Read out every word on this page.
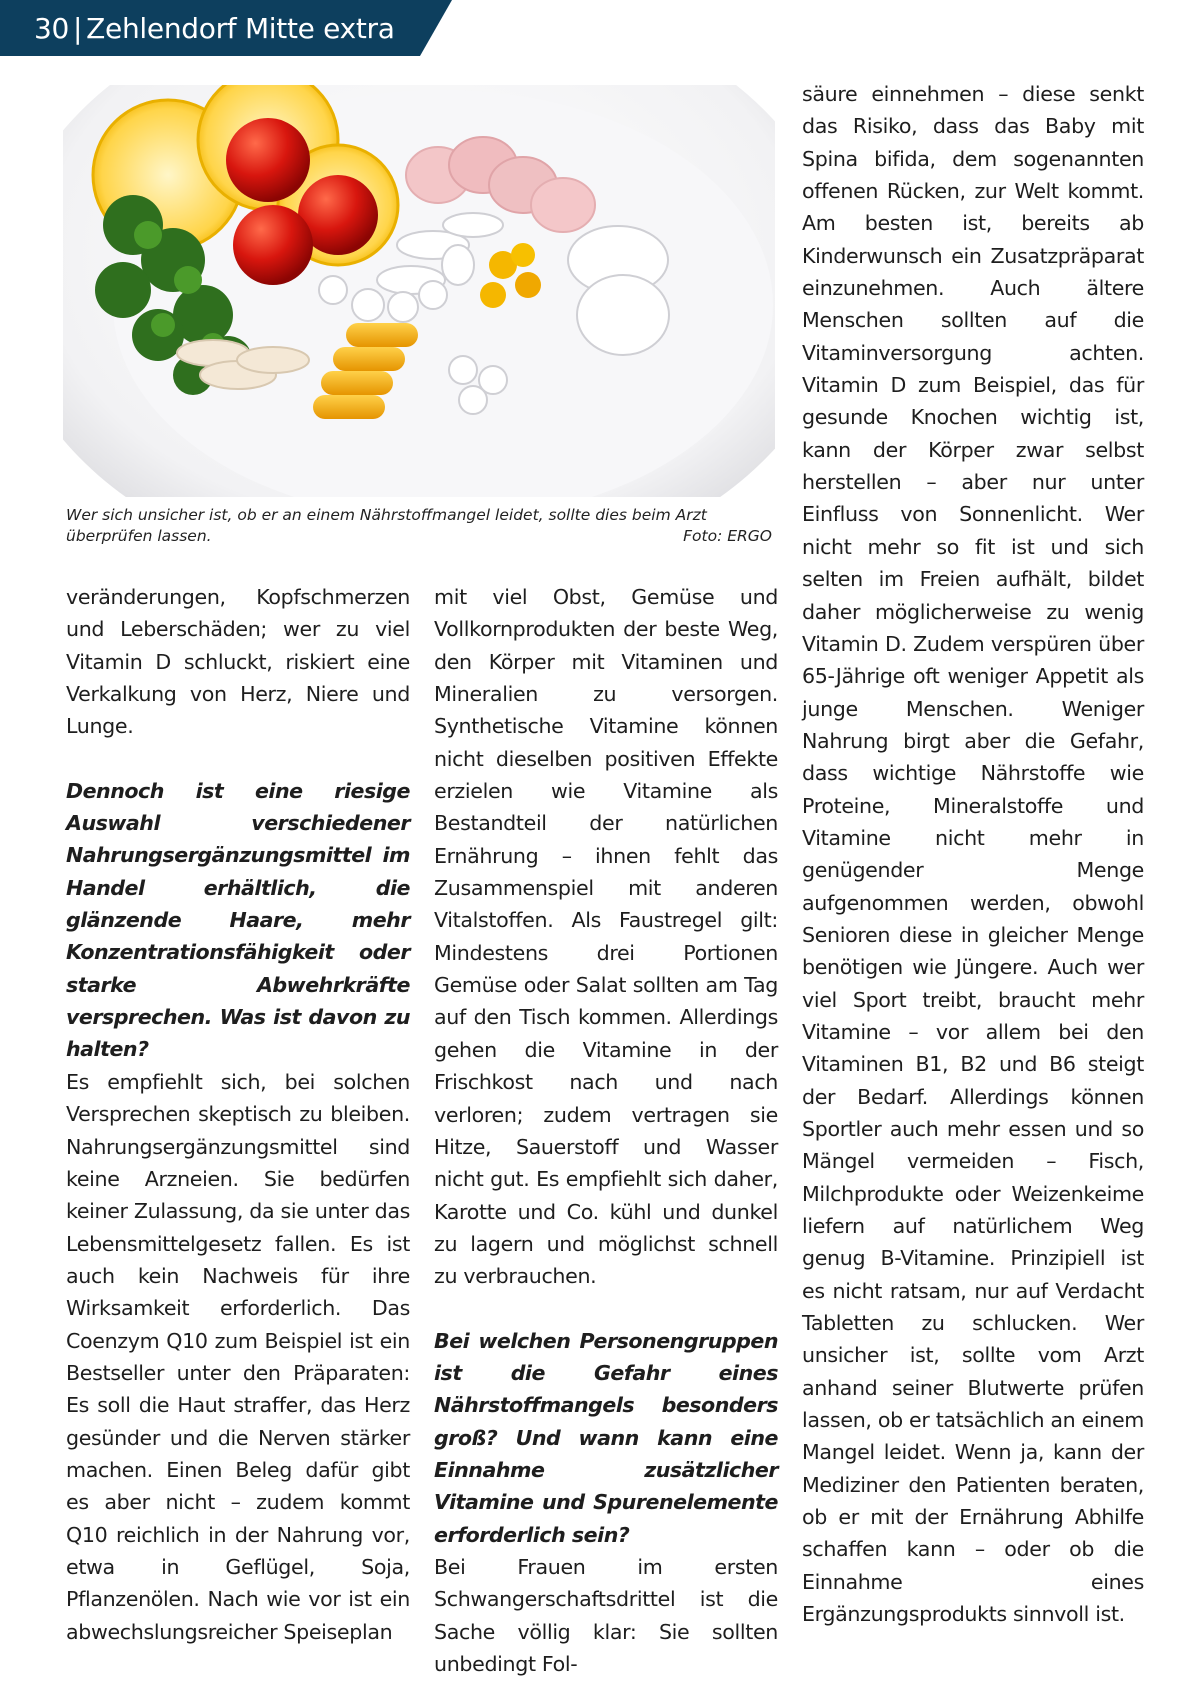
30 | Zehlendorf Mitte extra
Wer sich unsicher ist, ob er an einem Nährstoffmangel leidet, sollte dies beim Arzt überprüfen lassen.	Foto: ERGO

veränderungen, Kopfschmerzen und Leberschäden; wer zu viel Vitamin D schluckt, riskiert eine Verkalkung von Herz, Niere und Lunge.

Dennoch ist eine riesige Auswahl verschiedener Nahrungsergänzungsmittel im Handel erhältlich, die glänzende Haare, mehr Konzentrationsfähigkeit oder starke Abwehrkräfte versprechen. Was ist davon zu halten?

Es empfiehlt sich, bei solchen Versprechen skeptisch zu bleiben. Nahrungsergänzungsmittel sind keine Arzneien. Sie bedürfen keiner Zulassung, da sie unter das Lebensmittelgesetz fallen. Es ist auch kein Nachweis für ihre Wirksamkeit erforderlich. Das Coenzym Q10 zum Beispiel ist ein Bestseller unter den Präparaten: Es soll die Haut straffer, das Herz gesünder und die Nerven stärker machen. Einen Beleg dafür gibt es aber nicht – zudem kommt Q10 reichlich in der Nahrung vor, etwa in Geflügel, Soja, Pflanzenölen. Nach wie vor ist ein abwechslungsreicher Speiseplan

mit viel Obst, Gemüse und Vollkornprodukten der beste Weg, den Körper mit Vitaminen und Mineralien zu versorgen. Synthetische Vitamine können nicht dieselben positiven Effekte erzielen wie Vitamine als Bestandteil der natürlichen Ernährung – ihnen fehlt das Zusammenspiel mit anderen Vitalstoffen. Als Faustregel gilt: Mindestens drei Portionen Gemüse oder Salat sollten am Tag auf den Tisch kommen. Allerdings gehen die Vitamine in der Frischkost nach und nach verloren; zudem vertragen sie Hitze, Sauerstoff und Wasser nicht gut. Es empfiehlt sich daher, Karotte und Co. kühl und dunkel zu lagern und möglichst schnell zu verbrauchen.

Bei welchen Personengruppen ist die Gefahr eines Nährstoffmangels besonders groß? Und wann kann eine Einnahme zusätzlicher Vitamine und Spurenelemente erforderlich sein?

Bei Frauen im ersten Schwangerschaftsdrittel ist die Sache völlig klar: Sie sollten unbedingt Fol-

säure einnehmen – diese senkt das Risiko, dass das Baby mit Spina bifida, dem sogenannten offenen Rücken, zur Welt kommt. Am besten ist, bereits ab Kinderwunsch ein Zusatzpräparat einzunehmen. Auch ältere Menschen sollten auf die Vitaminversorgung achten. Vitamin D zum Beispiel, das für gesunde Knochen wichtig ist, kann der Körper zwar selbst herstellen – aber nur unter Einfluss von Sonnenlicht. Wer nicht mehr so fit ist und sich selten im Freien aufhält, bildet daher möglicherweise zu wenig Vitamin D. Zudem verspüren über 65-Jährige oft weniger Appetit als junge Menschen. Weniger Nahrung birgt aber die Gefahr, dass wichtige Nährstoffe wie Proteine, Mineralstoffe und Vitamine nicht mehr in genügender Menge aufgenommen werden, obwohl Senioren diese in gleicher Menge benötigen wie Jüngere. Auch wer viel Sport treibt, braucht mehr Vitamine – vor allem bei den Vitaminen B1, B2 und B6 steigt der Bedarf. Allerdings können Sportler auch mehr essen und so Mängel vermeiden – Fisch, Milchprodukte oder Weizenkeime liefern auf natürlichem Weg genug B-Vitamine. Prinzipiell ist es nicht ratsam, nur auf Verdacht Tabletten zu schlucken. Wer unsicher ist, sollte vom Arzt anhand seiner Blutwerte prüfen lassen, ob er tatsächlich an einem Mangel leidet. Wenn ja, kann der Mediziner den Patienten beraten, ob er mit der Ernährung Abhilfe schaffen kann – oder ob die Einnahme eines Ergänzungsprodukts sinnvoll ist.
